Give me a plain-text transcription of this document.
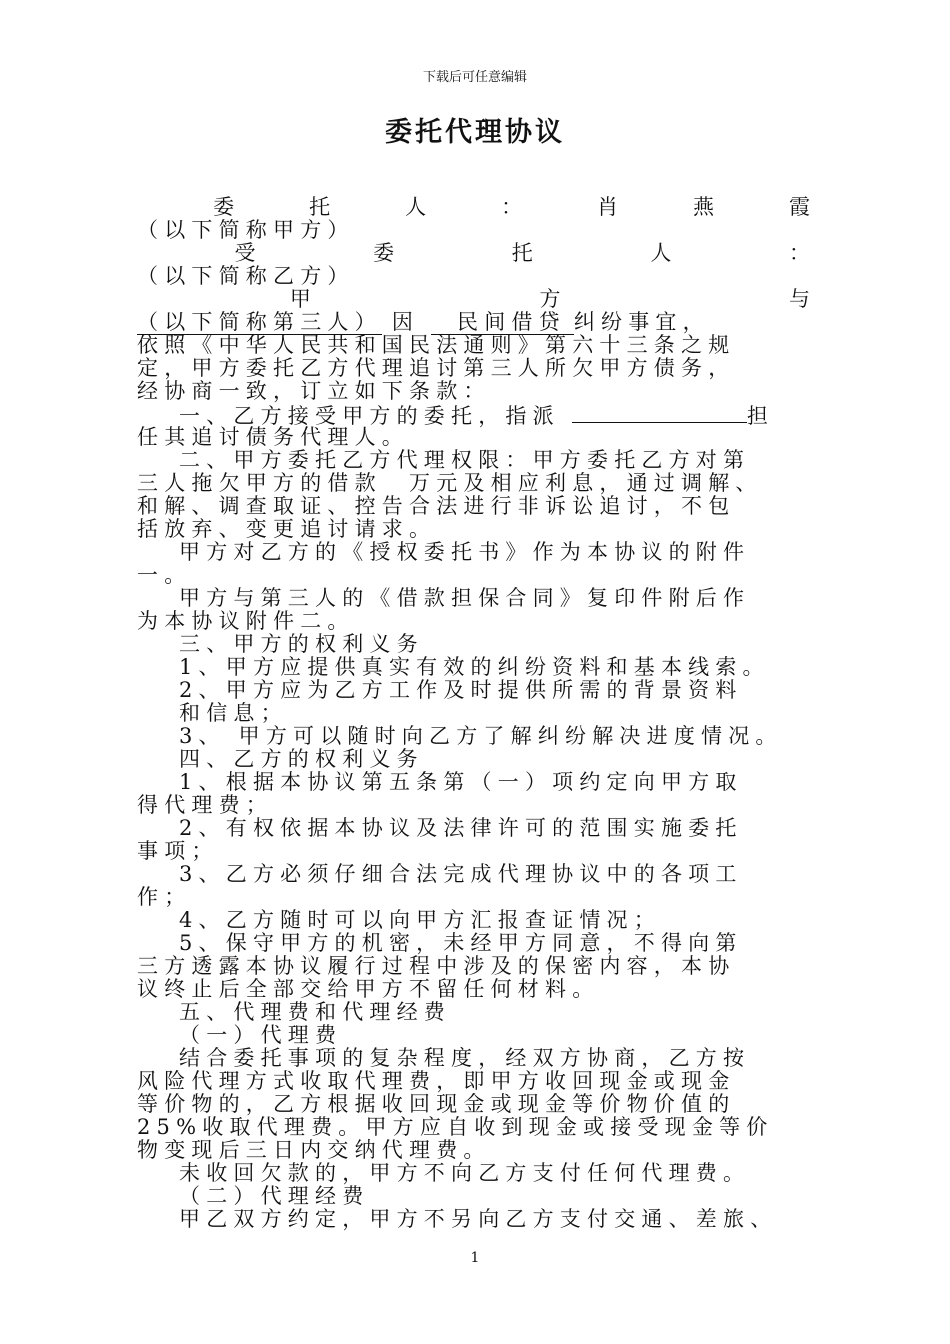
下载后可任意编辑
委托代理协议
委 托 人 ： 肖 燕 霞
（以下简称甲方）
受 委 托 人 ：
（以下简称乙方）
甲 方 与
（以下简称第三人） 因 民间借贷 纠纷事宜，
依照《中华人民共和国民法通则》第六十三条之规
定，甲方委托乙方代理追讨第三人所欠甲方债务，
经协商一致，订立如下条款：
一、乙方接受甲方的委托，指派	担
任其追讨债务代理人。
二、甲方委托乙方代理权限：甲方委托乙方对第
三人拖欠甲方的借款　万元及相应利息，通过调解、
和解、调查取证、控告合法进行非诉讼追讨，不包
括放弃、变更追讨请求。
甲方对乙方的《授权委托书》作为本协议的附件
一。
甲方与第三人的《借款担保合同》复印件附后作
为本协议附件二。
三、甲方的权利义务
1、甲方应提供真实有效的纠纷资料和基本线索。
2、甲方应为乙方工作及时提供所需的背景资料
和信息；
3、 甲方可以随时向乙方了解纠纷解决进度情况。
四、乙方的权利义务
1、根据本协议第五条第（一）项约定向甲方取
得代理费；
2、有权依据本协议及法律许可的范围实施委托
事项；
3、乙方必须仔细合法完成代理协议中的各项工
作；
4、乙方随时可以向甲方汇报查证情况；
5、保守甲方的机密，未经甲方同意，不得向第
三方透露本协议履行过程中涉及的保密内容，本协
议终止后全部交给甲方不留任何材料。
五、代理费和代理经费
（一）代理费
结合委托事项的复杂程度，经双方协商，乙方按
风险代理方式收取代理费，即甲方收回现金或现金
等价物的，乙方根据收回现金或现金等价物价值的
25%收取代理费。甲方应自收到现金或接受现金等价
物变现后三日内交纳代理费。
未收回欠款的，甲方不向乙方支付任何代理费。
（二）代理经费
甲乙双方约定，甲方不另向乙方支付交通、差旅、
1
